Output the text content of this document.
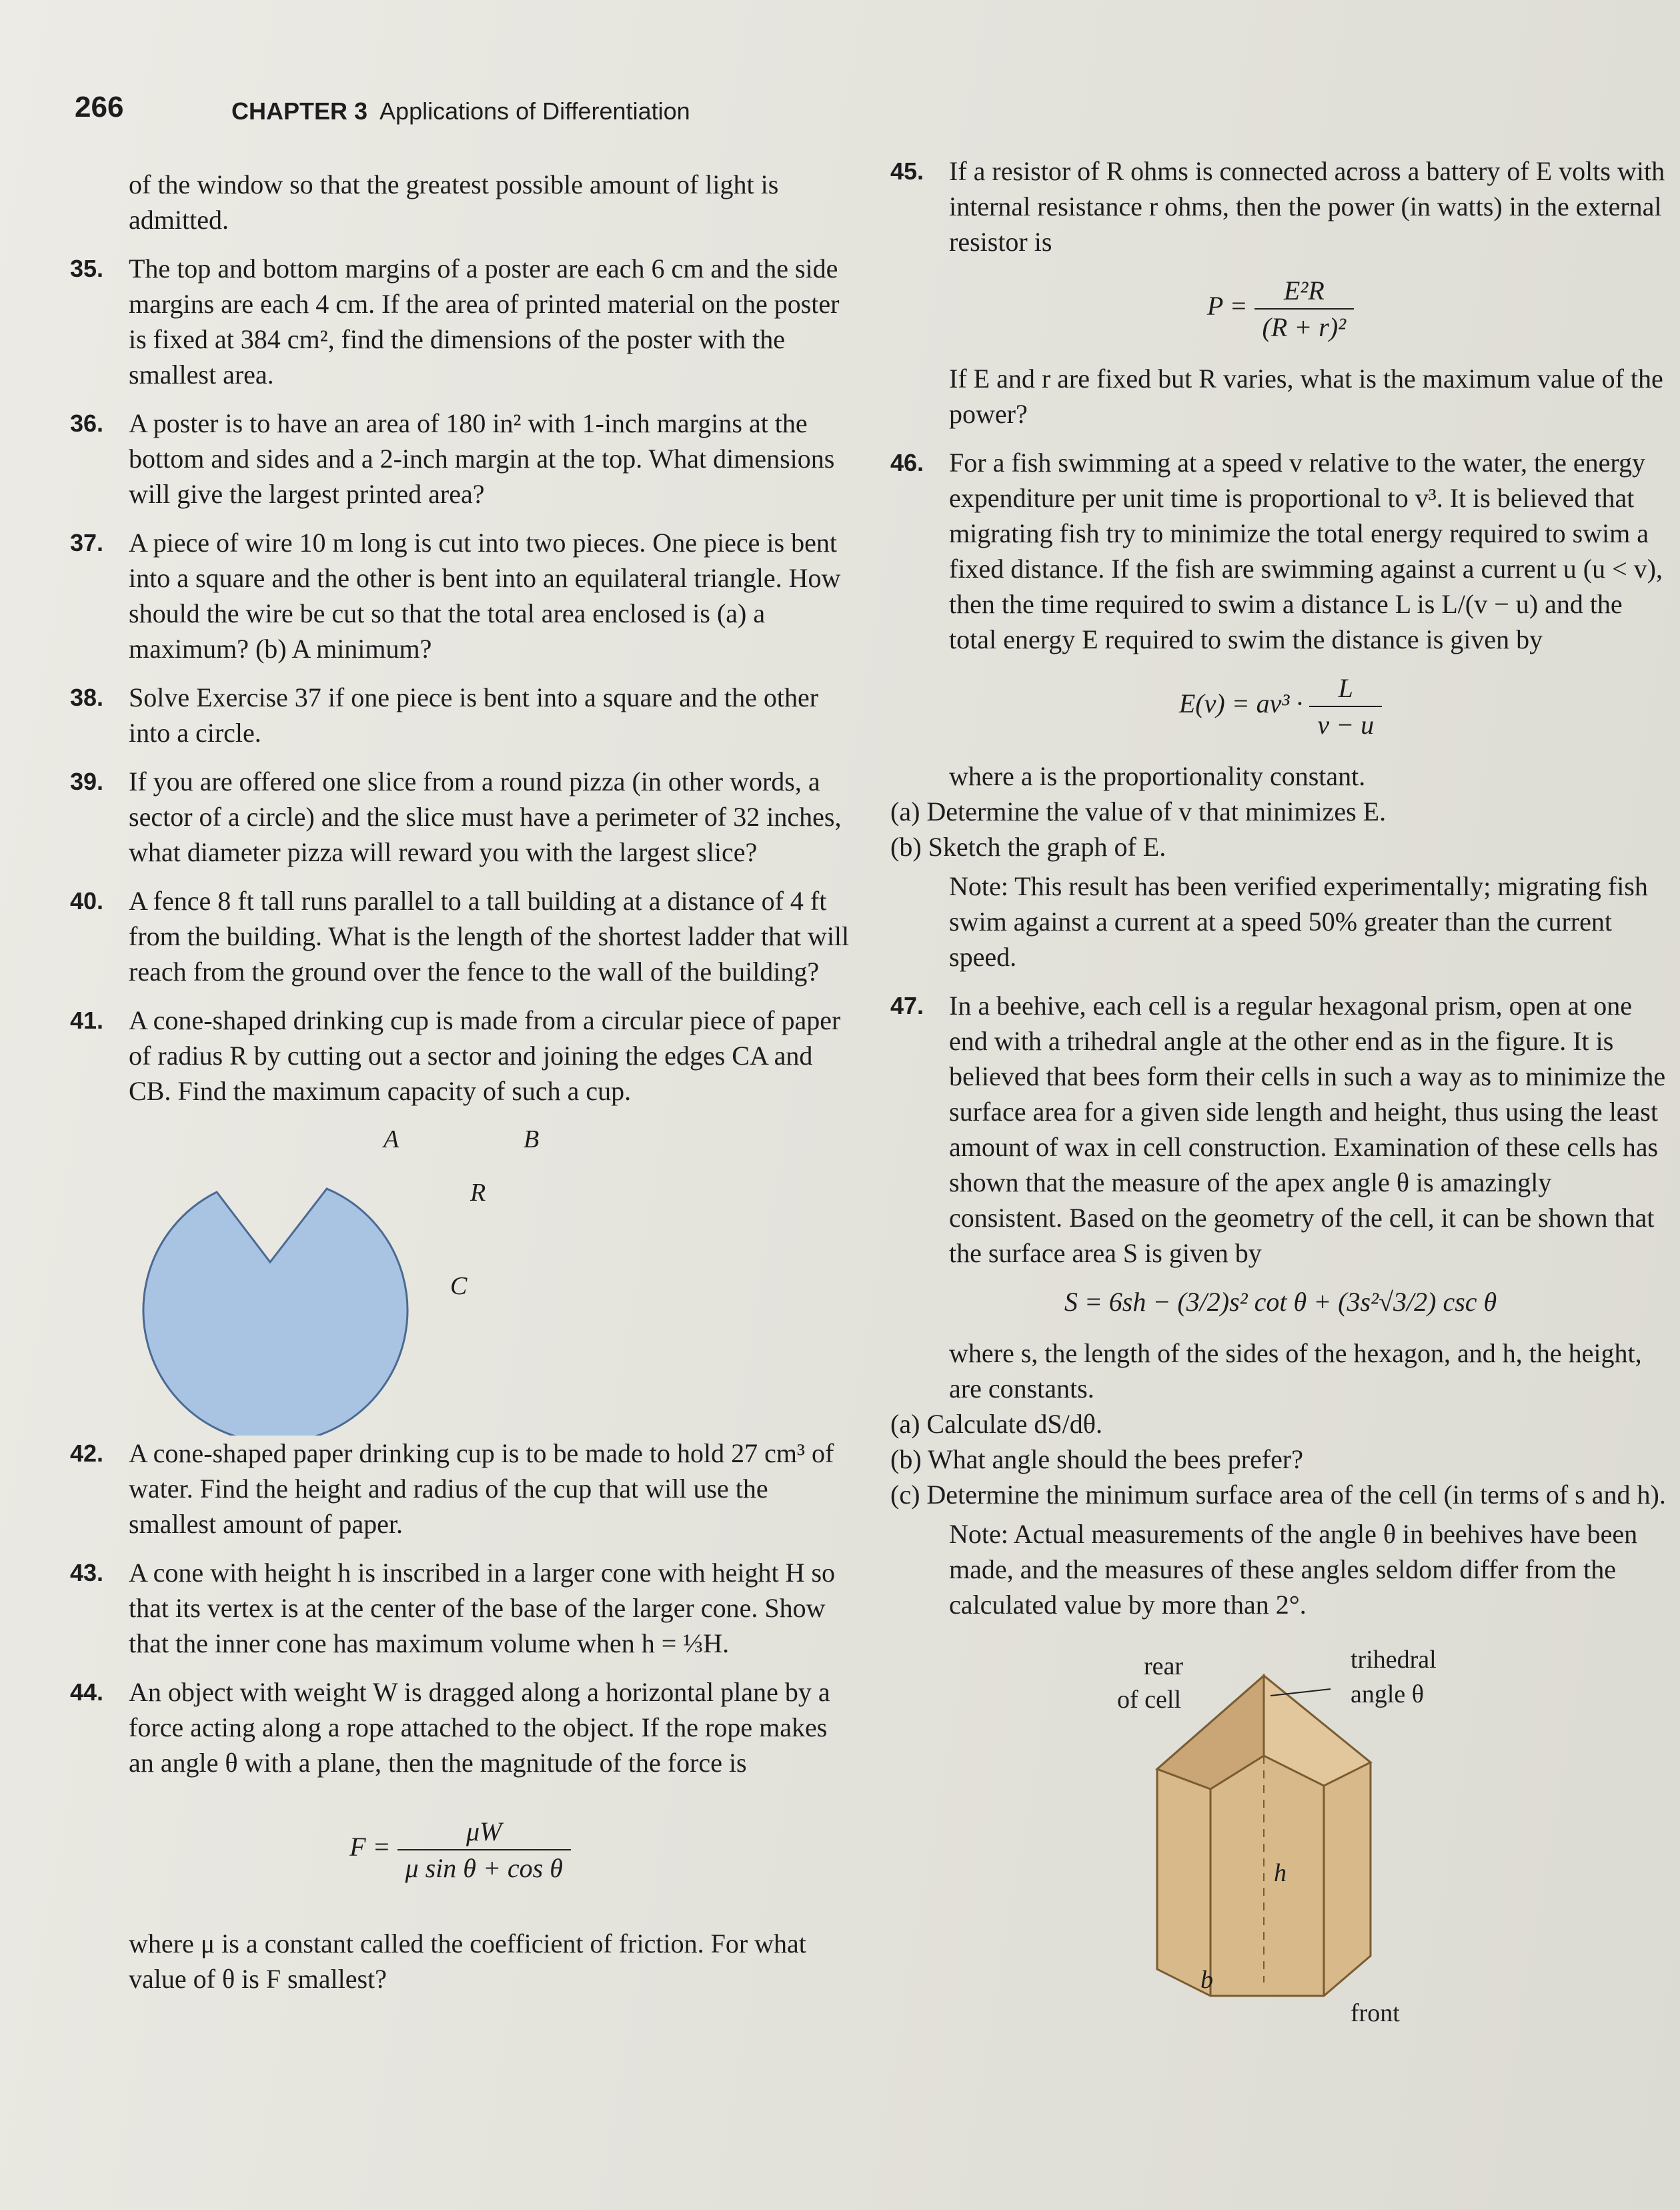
266	CHAPTER 3 Applications of Differentiation
of the window so that the greatest possible amount of light is admitted.
35. The top and bottom margins of a poster are each 6 cm and the side margins are each 4 cm. If the area of printed material on the poster is fixed at 384 cm², find the dimensions of the poster with the smallest area.
36. A poster is to have an area of 180 in² with 1-inch margins at the bottom and sides and a 2-inch margin at the top. What dimensions will give the largest printed area?
37. A piece of wire 10 m long is cut into two pieces. One piece is bent into a square and the other is bent into an equilateral triangle. How should the wire be cut so that the total area enclosed is (a) a maximum? (b) A minimum?
38. Solve Exercise 37 if one piece is bent into a square and the other into a circle.
39. If you are offered one slice from a round pizza (in other words, a sector of a circle) and the slice must have a perimeter of 32 inches, what diameter pizza will reward you with the largest slice?
40. A fence 8 ft tall runs parallel to a tall building at a distance of 4 ft from the building. What is the length of the shortest ladder that will reach from the ground over the fence to the wall of the building?
41. A cone-shaped drinking cup is made from a circular piece of paper of radius R by cutting out a sector and joining the edges CA and CB. Find the maximum capacity of such a cup.
A	B
R
C
42. A cone-shaped paper drinking cup is to be made to hold 27 cm³ of water. Find the height and radius of the cup that will use the smallest amount of paper.
43. A cone with height h is inscribed in a larger cone with height H so that its vertex is at the center of the base of the larger cone. Show that the inner cone has maximum volume when h = ⅓H.
44. An object with weight W is dragged along a horizontal plane by a force acting along a rope attached to the object. If the rope makes an angle θ with a plane, then the magnitude of the force is
$F = \frac{\mu W}{\text{μ sin θ + cos θ}}$
where μ is a constant called the coefficient of friction. For what value of θ is F smallest?
45. If a resistor of R ohms is connected across a battery of E volts with internal resistance r ohms, then the power (in watts) in the external resistor is
$P = \frac{\text{E²R}}{\text{(R + r)²}}$
If E and r are fixed but R varies, what is the maximum value of the power?
46. For a fish swimming at a speed v relative to the water, the energy expenditure per unit time is proportional to v³. It is believed that migrating fish try to minimize the total energy required to swim a fixed distance. If the fish are swimming against a current u (u < v), then the time required to swim a distance L is L/(v − u) and the total energy E required to swim the distance is given by
$E(v) = av^3 \cdot \frac{L}{v - u}$
where a is the proportionality constant.
(a) Determine the value of v that minimizes E.
(b) Sketch the graph of E.
Note: This result has been verified experimentally; migrating fish swim against a current at a speed 50% greater than the current speed.
47. In a beehive, each cell is a regular hexagonal prism, open at one end with a trihedral angle at the other end as in the figure. It is believed that bees form their cells in such a way as to minimize the surface area for a given side length and height, thus using the least amount of wax in cell construction. Examination of these cells has shown that the measure of the apex angle θ is amazingly consistent. Based on the geometry of the cell, it can be shown that the surface area S is given by
S = 6sh − (3/2)s² cot θ + (3s²√3/2) csc θ
where s, the length of the sides of the hexagon, and h, the height, are constants.
(a) Calculate dS/dθ.
(b) What angle should the bees prefer?
(c) Determine the minimum surface area of the cell (in terms of s and h).
Note: Actual measurements of the angle θ in beehives have been made, and the measures of these angles seldom differ from the calculated value by more than 2°.
rear
of cell
trihedral
angle θ
h
b
front
